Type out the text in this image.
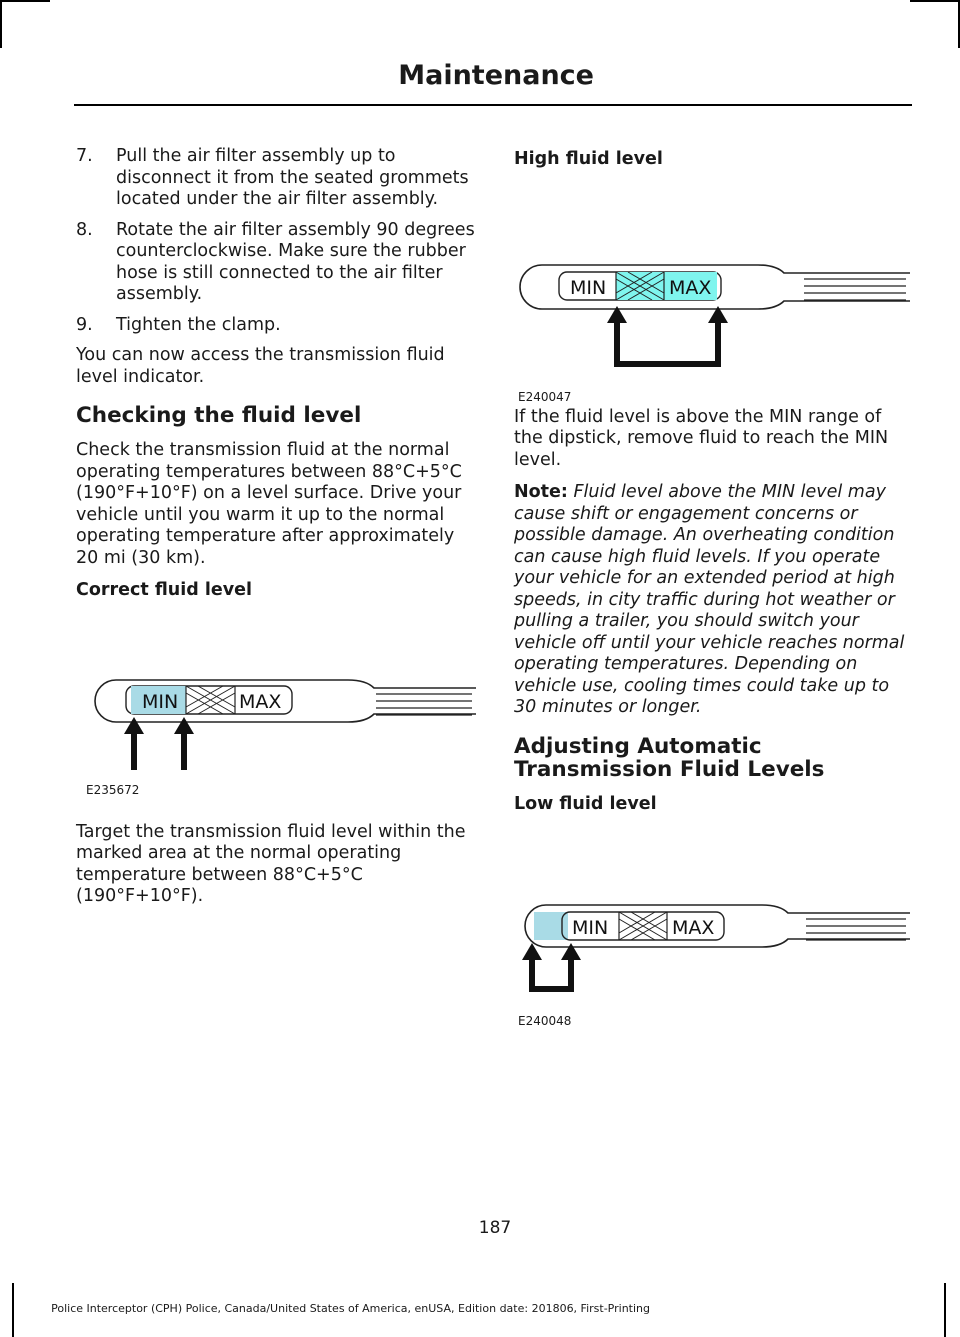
Maintenance
7.	Pull the air filter assembly up to disconnect it from the seated grommets located under the air filter assembly.
8.	Rotate the air filter assembly 90 degrees counterclockwise. Make sure the rubber hose is still connected to the air filter assembly.
9.	Tighten the clamp.

You can now access the transmission fluid level indicator.

Checking the fluid level

Check the transmission fluid at the normal operating temperatures between 88°C+5°C (190°F+10°F) on a level surface. Drive your vehicle until you warm it up to the normal operating temperature after approximately 20 mi (30 km).

Correct fluid level
MIN	MAX
E235672

Target the transmission fluid level within the marked area at the normal operating temperature between 88°C+5°C (190°F+10°F).

High fluid level
MIN	MAX
E240047

If the fluid level is above the MIN range of the dipstick, remove fluid to reach the MIN level.

Note: Fluid level above the MIN level may cause shift or engagement concerns or possible damage. An overheating condition can cause high fluid levels. If you operate your vehicle for an extended period at high speeds, in city traffic during hot weather or pulling a trailer, you should switch your vehicle off until your vehicle reaches normal operating temperatures. Depending on vehicle use, cooling times could take up to 30 minutes or longer.

Adjusting Automatic Transmission Fluid Levels
Low fluid level
MIN	MAX
E240048
187
Police Interceptor (CPH) Police, Canada/United States of America, enUSA, Edition date: 201806, First-Printing
